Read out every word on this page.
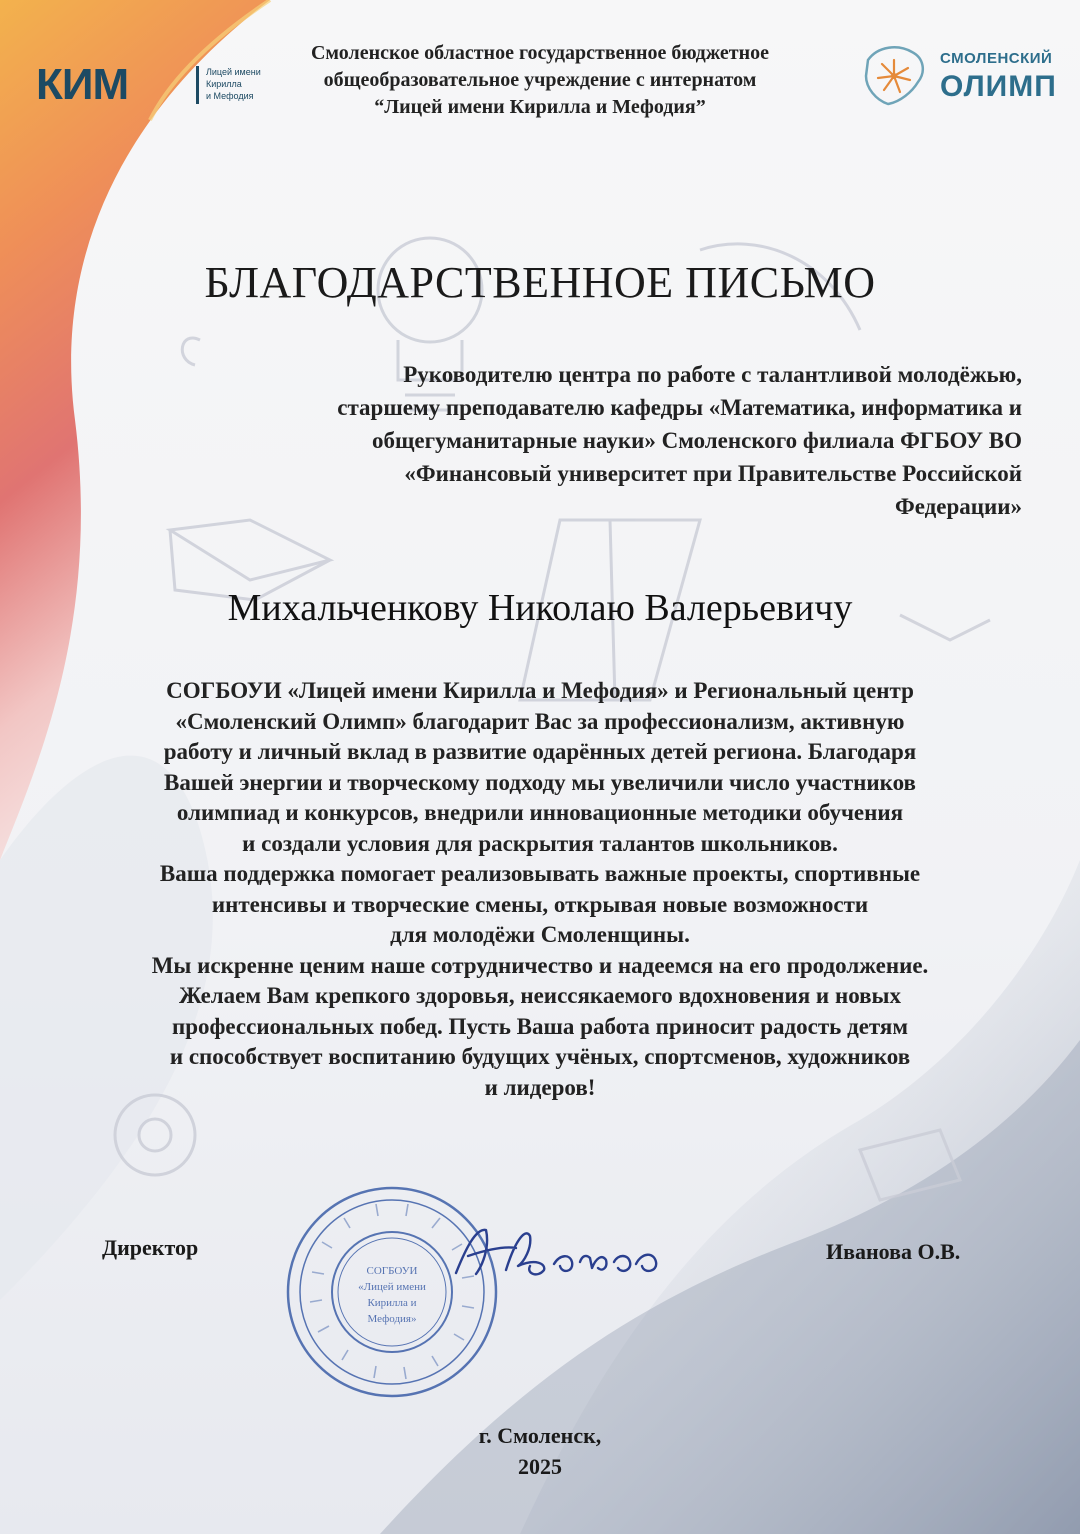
КИМ	Лицей имени
Кирилла
и Мефодия
Смоленское областное государственное бюджетное
общеобразовательное учреждение с интернатом
“Лицей имени Кирилла и Мефодия”
СМОЛЕНСКИЙ
ОЛИМП
БЛАГОДАРСТВЕННОЕ ПИСЬМО
Руководителю центра по работе с талантливой молодёжью,
старшему преподавателю кафедры «Математика, информатика и
общегуманитарные науки» Смоленского филиала ФГБОУ ВО
«Финансовый университет при Правительстве Российской
Федерации»
Михальченкову Николаю Валерьевичу
СОГБОУИ «Лицей имени Кирилла и Мефодия» и Региональный центр
«Смоленский Олимп» благодарит Вас за профессионализм, активную
работу и личный вклад в развитие одарённых детей региона. Благодаря
Вашей энергии и творческому подходу мы увеличили число участников
олимпиад и конкурсов, внедрили инновационные методики обучения
и создали условия для раскрытия талантов школьников.
Ваша поддержка помогает реализовывать важные проекты, спортивные
интенсивы и творческие смены, открывая новые возможности
для молодёжи Смоленщины.
Мы искренне ценим наше сотрудничество и надеемся на его продолжение.
Желаем Вам крепкого здоровья, неиссякаемого вдохновения и новых
профессиональных побед. Пусть Ваша работа приносит радость детям
и способствует воспитанию будущих учёных, спортсменов, художников
и лидеров!
Директор
СОГБОУИ
«Лицей имени
Кирилла и
Мефодия»
Иванова О.В.
г. Смоленск,
2025
